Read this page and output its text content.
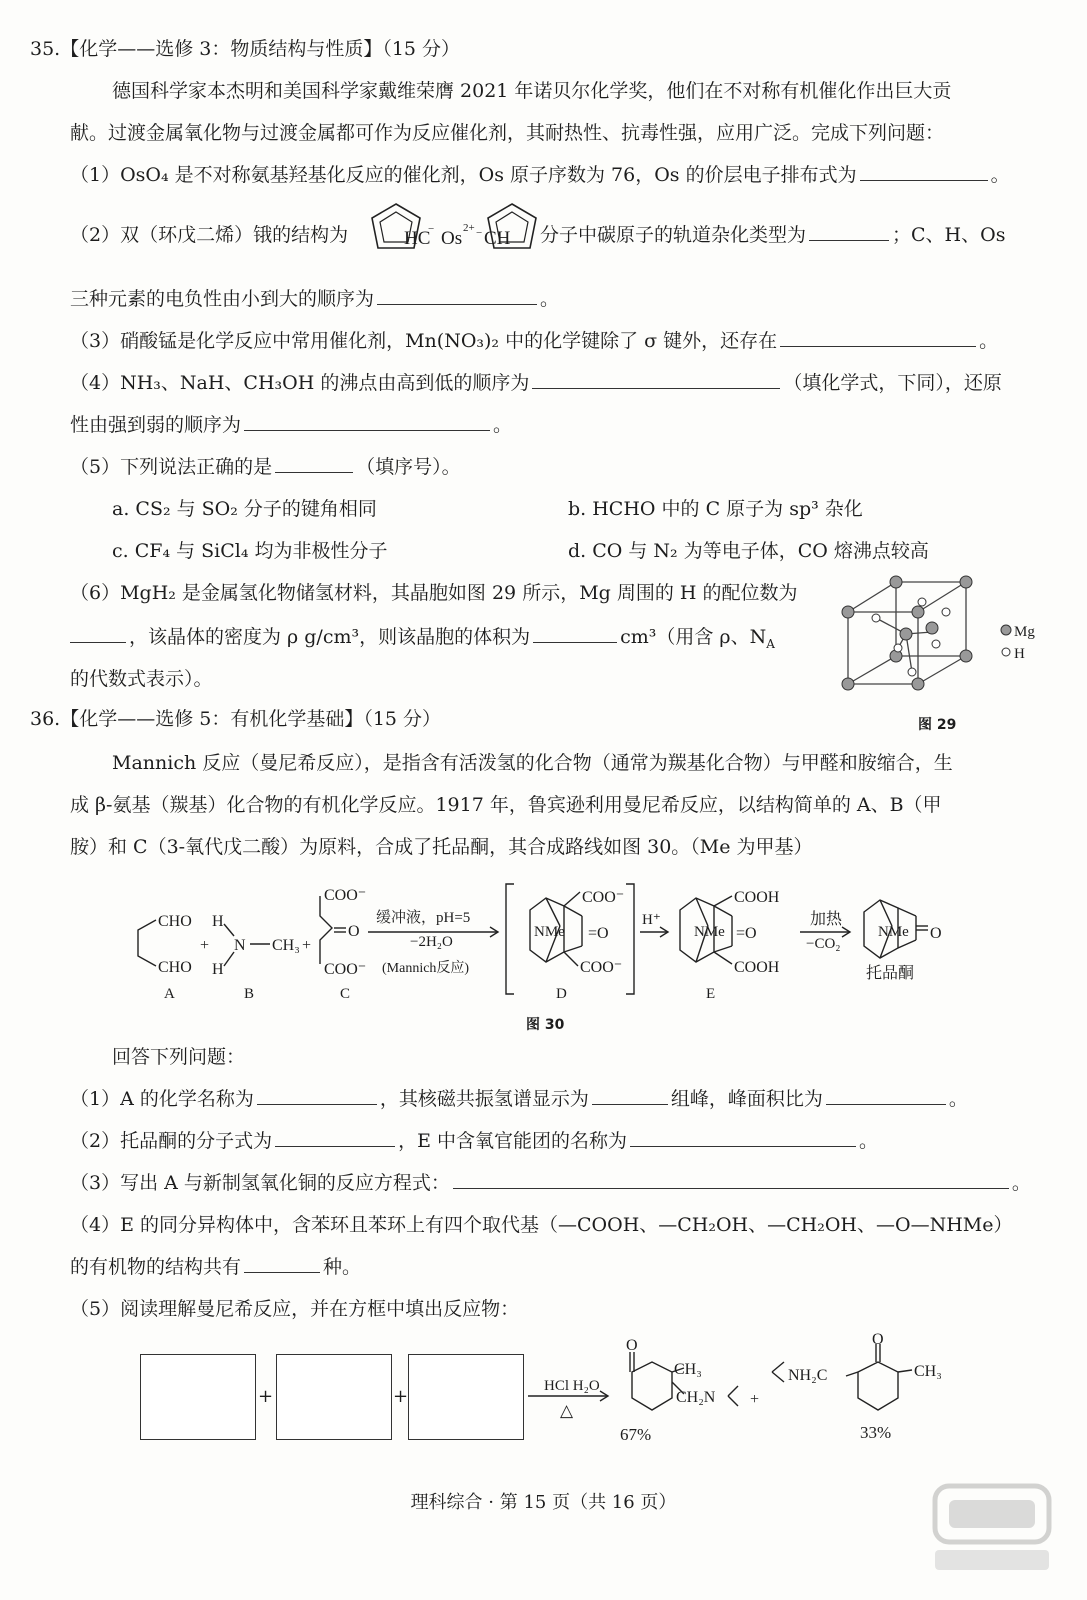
35.【化学——选修 3：物质结构与性质】（15 分）
德国科学家本杰明和美国科学家戴维荣膺 2021 年诺贝尔化学奖，他们在不对称有机催化作出巨大贡
献。过渡金属氧化物与过渡金属都可作为反应催化剂，其耐热性、抗毒性强，应用广泛。完成下列问题：
（1）OsO₄ 是不对称氨基羟基化反应的催化剂，Os 原子序数为 76，Os 的价层电子排布式为	。
（2）双（环戊二烯）锇的结构为	HC
− Os 2+ − CH 分子中碳原子的轨道杂化类型为	；C、H、Os
三种元素的电负性由小到大的顺序为	。
（3）硝酸锰是化学反应中常用催化剂，Mn(NO₃)₂ 中的化学键除了 σ 键外，还存在	。
（4）NH₃、NaH、CH₃OH 的沸点由高到低的顺序为	（填化学式，下同），还原
性由强到弱的顺序为	。
（5）下列说法正确的是	（填序号）。
a. CS₂ 与 SO₂ 分子的键角相同	b. HCHO 中的 C 原子为 sp³ 杂化
c. CF₄ 与 SiCl₄ 均为非极性分子	d. CO 与 N₂ 为等电子体，CO 熔沸点较高
（6）MgH₂ 是金属氢化物储氢材料，其晶胞如图 29 所示，Mg 周围的 H 的配位数为
，该晶体的密度为 ρ g/cm³，则该晶胞的体积为	cm³（用含 ρ、$N_A$
的代数式表示）。
Mg
H
图 29
36.【化学——选修 5：有机化学基础】（15 分）
Mannich 反应（曼尼希反应），是指含有活泼氢的化合物（通常为羰基化合物）与甲醛和胺缩合，生
成 β-氨基（羰基）化合物的有机化学反应。1917 年，鲁宾逊利用曼尼希反应，以结构简单的 A、B（甲
胺）和 C（3-氧代戊二酸）为原料，合成了托品酮，其合成路线如图 30。（Me 为甲基）
CHO
CHO
+
H
H
N CH₃ +
COO⁻
O
COO⁻
缓冲液，pH=5
−2H₂O
(Mannich反应)
COO⁻
NMe =O
COO⁻
H⁺
COOH
NMe =O
COOH
加热
−CO₂
NMe O
托品酮
A	B	C	D	E
图 30
回答下列问题：
（1）A 的化学名称为	，其核磁共振氢谱显示为	组峰，峰面积比为	。
（2）托品酮的分子式为	，E 中含氧官能团的名称为	。
（3）写出 A 与新制氢氧化铜的反应方程式：	。
（4）E 的同分异构体中，含苯环且苯环上有四个取代基（—COOH、—CH₂OH、—CH₂OH、—O—NHMe）
的有机物的结构共有	种。
（5）阅读理解曼尼希反应，并在方框中填出反应物：
+	+	HCl H₂O
△
O
CH₃
CH₂N
67%
+
NH₂C
O
CH₃
33%
理科综合 · 第 15 页（共 16 页）
